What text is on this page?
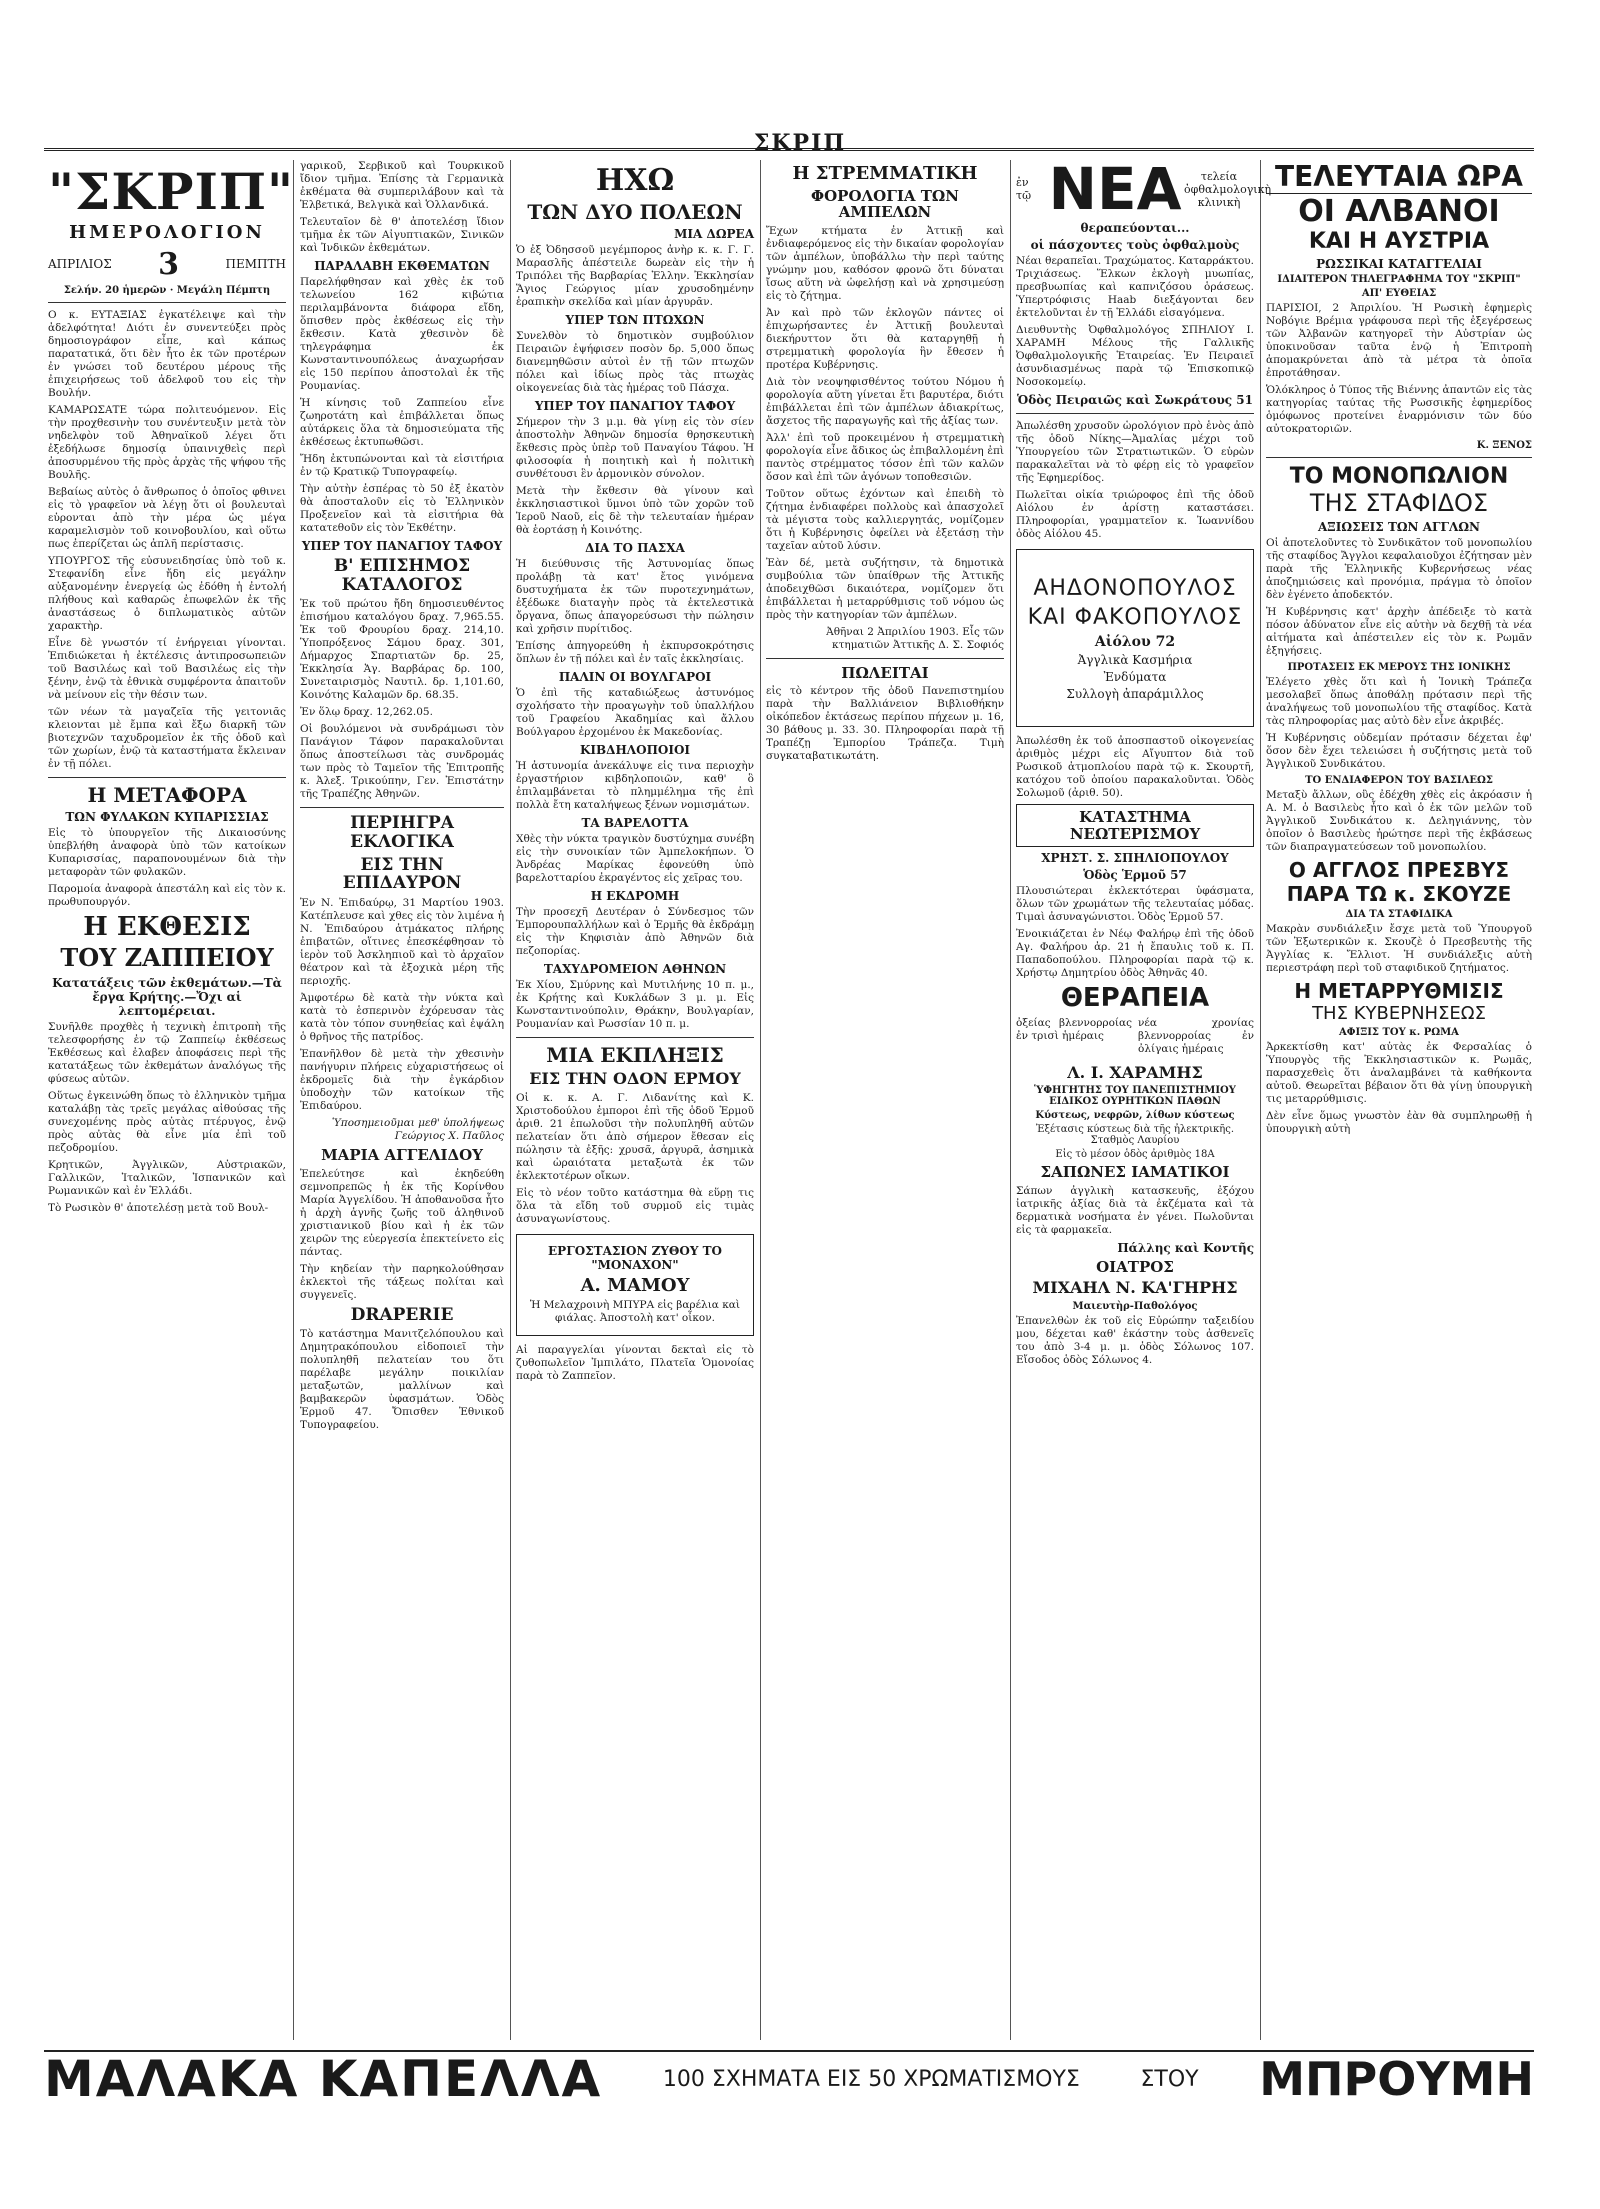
ΣΚΡΙΠ
"ΣΚΡΙΠ"
ΗΜΕΡΟΛΟΓΙΟΝ
ΑΠΡΙΛΙΟΣ 3	ΠΕΜΠΤΗ
Σελήν. 20 ἡμερῶν · Μεγάλη Πέμπτη

Ο κ. ΕΥΤΑΞΙΑΣ ἐγκατέλειψε καὶ τὴν ἀδελφότητα! Διότι ἐν συνεντεύξει πρὸς δημοσιογράφον εἶπε, καὶ κάπως παρατατικά, ὅτι δὲν ἦτο ἐκ τῶν προτέρων ἐν γνώσει τοῦ δευτέρου μέρους τῆς ἐπιχειρήσεως τοῦ ἀδελφοῦ του εἰς τὴν Βουλήν.

ΚΑΜΑΡΩΣΑΤΕ τώρα πολιτευόμενον. Εἰς τὴν προχθεσινὴν του συνέντευξιν μετὰ τὸν νηδελφὸν τοῦ Ἀθηναϊκοῦ λέγει ὅτι ἐξεδήλωσε δημοσίᾳ ὑπαινιχθεὶς περὶ ἀποσυρμένου τῆς πρὸς ἀρχὰς τῆς ψήφου τῆς Βουλῆς.

Βεβαίως αὐτὸς ὁ ἄνθρωπος ὁ ὁποῖος φθινει εἰς τὸ γραφεῖον νὰ λέγῃ ὅτι οἱ βουλευταὶ εὑρονται ἀπὸ τὴν μέρα ὡς μέγα καραμελισμὸν τοῦ κοινοβουλίου, καὶ οὕτω πως ἐπερίζεται ὡς ἀπλῆ περίστασις.

ΥΠΟΥΡΓΟΣ τῆς εὐσυνειδησίας ὑπὸ τοῦ κ. Στεφανίδη εἶνε ἤδη εἰς μεγάλην αὐξανομένην ἐνεργείᾳ ὡς ἐδόθη ἡ ἐντολή πλήθους καὶ καθαρῶς ἐπωφελῶν ἐκ τῆς ἀναστάσεως ὁ διπλωματικὸς αὐτῶν χαρακτὴρ.

Εἶνε δὲ γνωστόν τί ἐνήργειαι γίνονται. Ἐπιδιώκεται ἡ ἐκτέλεσις ἀντιπροσωπειῶν τοῦ Βασιλέως καὶ τοῦ Βασιλέως εἰς τὴν ξένην, ἐνῷ τὰ ἐθνικὰ συμφέροντα ἀπαιτοῦν νὰ μείνουν εἰς τὴν θέσιν των.

τῶν νέων τὰ μαγαζεῖα τῆς γειτονιᾶς κλειονται μὲ ἔμπα καὶ ἔξω διαρκῆ τῶν βιοτεχνῶν ταχυδρομεῖον ἐκ τῆς ὁδοῦ καὶ τῶν χωρίων, ἐνῷ τὰ καταστήματα ἔκλειναν ἐν τῇ πόλει.

Η ΜΕΤΑΦΟΡΑ
ΤΩΝ ΦΥΛΑΚΩΝ ΚΥΠΑΡΙΣΣΙΑΣ

Εἰς τὸ ὑπουργεῖον τῆς Δικαιοσύνης ὑπεβλήθη ἀναφορὰ ὑπὸ τῶν κατοίκων Κυπαρισσίας, παραπονουμένων διὰ τὴν μεταφορὰν τῶν φυλακῶν.

Παρομοία ἀναφορὰ ἀπεστάλη καὶ εἰς τὸν κ. πρωθυπουργόν.

Η ΕΚΘΕΣΙΣ
ΤΟΥ ΖΑΠΠΕΙΟΥ
Κατατάξεις τῶν ἐκθεμάτων.—Τὰ ἔργα Κρήτης.—Ὄχι αἱ λεπτομέρειαι.

Συνῆλθε προχθὲς ἡ τεχνικὴ ἐπιτροπὴ τῆς τελεσφορήσης ἐν τῷ Ζαππείῳ ἐκθέσεως Ἐκθέσεως καὶ ἐλαβεν ἀποφάσεις περὶ τῆς κατατάξεως τῶν ἐκθεμάτων ἀναλόγως τῆς φύσεως αὐτῶν.

Οὕτως ἐγκεινώθη ὅπως τὸ ἐλληνικὸν τμῆμα καταλάβῃ τὰς τρεῖς μεγάλας αἰθούσας τῆς συνεχομένης πρὸς αὐτὰς πτέρυγος, ἐνῷ πρὸς αὐτὰς θὰ εἶνε μία ἐπὶ τοῦ πεζοδρομίου.

Κρητικῶν, Ἀγγλικῶν, Αὐστριακῶν, Γαλλικῶν, Ἰταλικῶν, Ἰσπανικῶν καὶ Ρωμανικῶν καὶ ἐν Ἑλλάδι.

Τὸ Ρωσικὸν θ' ἀποτελέσῃ μετὰ τοῦ Βουλ-

γαρικοῦ, Σερβικοῦ καὶ Τουρκικοῦ ἴδιον τμῆμα. Ἐπίσης τὰ Γερμανικὰ ἐκθέματα θὰ συμπεριλάβουν καὶ τὰ Ἑλβετικά, Βελγικὰ καὶ Ὁλλανδικά.

Τελευταῖον δὲ θ' ἀποτελέσῃ ἴδιον τμῆμα ἐκ τῶν Αἰγυπτιακῶν, Σινικῶν καὶ Ἰνδικῶν ἐκθεμάτων.

ΠΑΡΑΛΑΒΗ ΕΚΘΕΜΑΤΩΝ

Παρελήφθησαν καὶ χθὲς ἐκ τοῦ τελωνείου 162 κιβώτια περιλαμβάνοντα διάφορα εἴδη, ὅπισθεν πρὸς ἐκθέσεως εἰς τὴν ἔκθεσιν. Κατὰ χθεσινὸν δὲ τηλεγράφημα ἐκ Κωνσταντινουπόλεως ἀναχωρήσαν εἰς 150 περίπου ἀποστολαὶ ἐκ τῆς Ρουμανίας.

Ἡ κίνησις τοῦ Ζαππείου εἶνε ζωηροτάτη καὶ ἐπιβάλλεται ὅπως αὐτάρκεις ὅλα τὰ δημοσιεύματα τῆς ἐκθέσεως ἐκτυπωθῶσι.

Ἤδη ἐκτυπώνονται καὶ τὰ εἰσιτήρια ἐν τῷ Κρατικῷ Τυπογραφείῳ.

Τὴν αὐτὴν ἑσπέρας τὸ 50 ἐξ ἑκατὸν θὰ ἀποσταλοῦν εἰς τὸ Ἐλληνικὸν Προξενεῖον καὶ τὰ εἰσιτήρια θὰ κατατεθοῦν εἰς τὸν Ἐκθέτην.

ΥΠΕΡ ΤΟΥ ΠΑΝΑΓΙΟΥ ΤΑΦΟΥ
Β' ΕΠΙΣΗΜΟΣ ΚΑΤΑΛΟΓΟΣ

Ἐκ τοῦ πρώτου ἤδη δημοσιευθέντος ἐπισήμου καταλόγου δραχ. 7,965.55. Ἐκ τοῦ Φρουρίου δραχ. 214,10. Ὑποπρόξενος Σάμου δραχ. 301, Δήμαρχος Σπαρτιατῶν δρ. 25, Ἐκκλησία Ἁγ. Βαρβάρας δρ. 100, Συνεταιρισμὸς Ναυτιλ. δρ. 1,101.60, Κοινότης Καλαμῶν δρ. 68.35.

Ἐν ὅλῳ δραχ. 12,262.05.

Οἱ βουλόμενοι νὰ συνδράμωσι τὸν Πανάγιον Τάφον παρακαλοῦνται ὅπως ἀποστείλωσι τὰς συνδρομάς των πρὸς τὸ Ταμεῖον τῆς Ἐπιτροπῆς κ. Ἀλεξ. Τρικούπην, Γεν. Ἐπιστάτην τῆς Τραπέζης Ἀθηνῶν.

ΠΕΡΙΗΓΡΑ ΕΚΛΟΓΙΚΑ
ΕΙΣ ΤΗΝ ΕΠΙΔΑΥΡΟΝ

Ἐν Ν. Ἐπιδαύρῳ, 31 Μαρτίου 1903. Κατέπλευσε καὶ χθες εἰς τὸν λιμένα ἡ Ν. Ἐπιδαύρου ἀτμάκατος πλήρης ἐπιβατῶν, οἵτινες ἐπεσκέφθησαν τὸ ἱερὸν τοῦ Ἀσκληπιοῦ καὶ τὸ ἀρχαῖον θέατρον καὶ τὰ ἐξοχικὰ μέρη τῆς περιοχῆς.

Ἀμφοτέρω δὲ κατὰ τὴν νύκτα καὶ κατὰ τὸ ἑσπερινὸν ἐχόρευσαν τὰς κατὰ τὸν τόπον συνηθείας καὶ ἐψάλη ὁ θρῆνος τῆς πατρίδος.

Ἐπανῆλθον δὲ μετὰ τὴν χθεσινὴν πανήγυριν πλήρεις εὐχαριστήσεως οἱ ἐκδρομεῖς διὰ τὴν ἐγκάρδιον ὑποδοχὴν τῶν κατοίκων τῆς Ἐπιδαύρου.

Ὑποσημειοῦμαι μεθ' ὑπολήψεως Γεώργιος Χ. Παῦλος

ΜΑΡΙΑ ΑΓΓΕΛΙΔΟΥ

Ἐπελεύτησε καὶ ἐκηδεύθη σεμνοπρεπῶς ἡ ἐκ τῆς Κορίνθου Μαρία Ἀγγελίδου. Ἡ ἀποθανοῦσα ἦτο ἡ ἀρχὴ ἁγνῆς ζωῆς τοῦ ἀληθινοῦ χριστιανικοῦ βίου καὶ ἡ ἐκ τῶν χειρῶν της εὐεργεσία ἐπεκτείνετο εἰς πάντας.

Τὴν κηδείαν τὴν παρηκολούθησαν ἐκλεκτοὶ τῆς τάξεως πολίται καὶ συγγενεῖς.

DRAPERIE

Τὸ κατάστημα Μανιτζελόπουλου καὶ Δημητρακόπουλου εἰδοποιεῖ τὴν πολυπληθῆ πελατείαν του ὅτι παρέλαβε μεγάλην ποικιλίαν μεταξωτῶν, μαλλίνων καὶ βαμβακερῶν ὑφασμάτων. Ὁδὸς Ἑρμοῦ 47. Ὄπισθεν Ἐθνικοῦ Τυπογραφείου.

ΗΧΩ
ΤΩΝ ΔΥΟ ΠΟΛΕΩΝ
ΜΙΑ ΔΩΡΕΑ

Ὁ ἐξ Ὀδησσοῦ μεγέμπορος ἀνὴρ κ. κ. Γ. Γ. Μαρασλῆς ἀπέστειλε δωρεὰν εἰς τὴν ἡ Τριπόλει τῆς Βαρβαρίας Ἑλλην. Ἐκκλησίαν Ἅγιος Γεώργιος μίαν χρυσοδημένην ἑραπικὴν σκελίδα καὶ μίαν ἀργυρᾶν.

ΥΠΕΡ ΤΩΝ ΠΤΩΧΩΝ

Συνελθὸν τὸ δημοτικὸν συμβούλιον Πειραιῶν ἐψήφισεν ποσὸν δρ. 5,000 ὅπως διανεμηθῶσιν αὐτοὶ ἐν τῇ τῶν πτωχῶν πόλει καὶ ἰδίως πρὸς τὰς πτωχὰς οἰκογενείας διὰ τὰς ἡμέρας τοῦ Πάσχα.

ΥΠΕΡ ΤΟΥ ΠΑΝΑΓΙΟΥ ΤΑΦΟΥ

Σήμερον τὴν 3 μ.μ. θὰ γίνῃ εἰς τὸν σίεν ἀποστολὴν Ἀθηνῶν δημοσία θρησκευτικὴ ἔκθεσις πρὸς ὑπὲρ τοῦ Παναγίου Τάφου. Ἡ φιλοσοφία ἡ ποιητικὴ καὶ ἡ πολιτικὴ συνθέτουσι ἓν ἀρμονικὸν σύνολον.

Μετὰ τὴν ἔκθεσιν θὰ γίνουν καὶ ἐκκλησιαστικοὶ ὕμνοι ὑπὸ τῶν χορῶν τοῦ Ἱεροῦ Ναοῦ, εἰς δὲ τὴν τελευταίαν ἡμέραν θὰ ἑορτάσῃ ἡ Κοινότης.

ΔΙΑ ΤΟ ΠΑΣΧΑ

Ἡ διεύθυνσις τῆς Ἀστυνομίας ὅπως προλάβῃ τὰ κατ' ἔτος γινόμενα δυστυχήματα ἐκ τῶν πυροτεχνημάτων, ἐξέδωκε διαταγὴν πρὸς τὰ ἐκτελεστικὰ ὄργανα, ὅπως ἀπαγορεύσωσι τὴν πώλησιν καὶ χρῆσιν πυρίτιδος.

Ἐπίσης ἀπηγορεύθη ἡ ἐκπυρσοκρότησις ὅπλων ἐν τῇ πόλει καὶ ἐν ταῖς ἐκκλησίαις.

ΠΑΛΙΝ ΟΙ ΒΟΥΛΓΑΡΟΙ

Ὁ ἐπὶ τῆς καταδιώξεως ἀστυνόμος σχολήσατο τὴν προαγωγὴν τοῦ ὑπαλλήλου τοῦ Γραφείου Ἀκαδημίας καὶ ἄλλου Βούλγαρου ἐρχομένου ἐκ Μακεδονίας.

ΚΙΒΔΗΛΟΠΟΙΟΙ

Ἡ ἀστυνομία ἀνεκάλυψε εἰς τινα περιοχὴν ἐργαστήριον κιβδηλοποιῶν, καθ' ὃ ἐπιλαμβάνεται τὸ πλημμέλημα τῆς ἐπὶ πολλὰ ἔτη καταλήψεως ξένων νομισμάτων.

ΤΑ ΒΑΡΕΛΟΤΤΑ

Χθὲς τὴν νύκτα τραγικὸν δυστύχημα συνέβη εἰς τὴν συνοικίαν τῶν Ἀμπελοκήπων. Ὁ Ἀνδρέας Μαρίκας ἐφονεύθη ὑπὸ βαρελοτταρίου ἐκραγέντος εἰς χεῖρας του.

Η ΕΚΔΡΟΜΗ

Τὴν προσεχῆ Δευτέραν ὁ Σύνδεσμος τῶν Ἐμπορουπαλλήλων καὶ ὁ Ἑρμῆς θὰ ἐκδράμῃ εἰς τὴν Κηφισιὰν ἀπὸ Ἀθηνῶν διὰ πεζοπορίας.

ΤΑΧΥΔΡΟΜΕΙΟΝ ΑΘΗΝΩΝ

Ἐκ Χίου, Σμύρνης καὶ Μυτιλήνης 10 π. μ., ἐκ Κρήτης καὶ Κυκλάδων 3 μ. μ. Εἰς Κωνσταντινούπολιν, Θράκην, Βουλγαρίαν, Ρουμανίαν καὶ Ρωσσίαν 10 π. μ.

ΜΙΑ ΕΚΠΛΗΞΙΣ
ΕΙΣ ΤΗΝ ΟΔΟΝ ΕΡΜΟΥ

Οἱ κ. κ. Α. Γ. Λιδανίτης καὶ Κ. Χριστοδούλου ἐμποροι ἐπὶ τῆς ὁδοῦ Ἑρμοῦ ἀριθ. 21 ἐπωλοῦσι τὴν πολυπληθῆ αὐτῶν πελατείαν ὅτι ἀπὸ σήμερον ἔθεσαν εἰς πώλησιν τὰ ἐξῆς: χρυσᾶ, ἀργυρᾶ, ἀσημικὰ καὶ ὡραιότατα μεταξωτὰ ἐκ τῶν ἐκλεκτοτέρων οἴκων.

Εἰς τὸ νέον τοῦτο κατάστημα θὰ εὕρῃ τις ὅλα τὰ εἴδη τοῦ συρμοῦ εἰς τιμὰς ἀσυναγωνίστους.

ΕΡΓΟΣΤΑΣΙΟΝ ΖΥΘΟΥ ΤΟ "ΜΟΝΑΧΟΝ"
Α. ΜΑΜΟΥ

Ἡ Μελαχροινὴ ΜΠΥΡΑ εἰς βαρέλια καὶ φιάλας. Ἀποστολὴ κατ' οἶκον.

Αἱ παραγγελίαι γίνονται δεκταὶ εἰς τὸ ζυθοπωλεῖον Ἰμπιλάτο, Πλατεῖα Ὁμονοίας παρὰ τὸ Ζαππεῖον.

Η ΣΤΡΕΜΜΑΤΙΚΗ
ΦΟΡΟΛΟΓΙΑ ΤΩΝ ΑΜΠΕΛΩΝ

Ἔχων κτήματα ἐν Ἀττικῇ καὶ ἐνδιαφερόμενος εἰς τὴν δικαίαν φορολογίαν τῶν ἀμπέλων, ὑποβάλλω τὴν περὶ ταύτης γνώμην μου, καθόσον φρονῶ ὅτι δύναται ἴσως αὕτη νὰ ὠφελήσῃ καὶ νὰ χρησιμεύσῃ εἰς τὸ ζήτημα.

Ἀν καὶ πρὸ τῶν ἐκλογῶν πάντες οἱ ἐπιχωρήσαντες ἐν Ἀττικῇ βουλευταὶ διεκήρυττον ὅτι θὰ καταργηθῇ ἡ στρεμματικὴ φορολογία ἣν ἔθεσεν ἡ προτέρα Κυβέρνησις.

Διὰ τὸν νεοψηφισθέντος τούτου Νόμου ἡ φορολογία αὕτη γίνεται ἔτι βαρυτέρα, διότι ἐπιβάλλεται ἐπὶ τῶν ἀμπέλων ἀδιακρίτως, ἄσχετος τῆς παραγωγῆς καὶ τῆς ἀξίας των.

Ἀλλ' ἐπὶ τοῦ προκειμένου ἡ στρεμματικὴ φορολογία εἶνε ἄδικος ὡς ἐπιβαλλομένη ἐπὶ παντὸς στρέμματος τόσον ἐπὶ τῶν καλῶν ὅσον καὶ ἐπὶ τῶν ἀγόνων τοποθεσιῶν.

Τοῦτον οὕτως ἐχόντων καὶ ἐπειδὴ τὸ ζήτημα ἐνδιαφέρει πολλοὺς καὶ ἀπασχολεῖ τὰ μέγιστα τοὺς καλλιεργητάς, νομίζομεν ὅτι ἡ Κυβέρνησις ὀφείλει νὰ ἐξετάσῃ τὴν ταχεῖαν αὐτοῦ λύσιν.

Ἐὰν δέ, μετὰ συζήτησιν, τὰ δημοτικὰ συμβούλια τῶν ὑπαίθρων τῆς Ἀττικῆς ἀποδειχθῶσι δικαιότερα, νομίζομεν ὅτι ἐπιβάλλεται ἡ μεταρρύθμισις τοῦ νόμου ὡς πρὸς τὴν κατηγορίαν τῶν ἀμπέλων.

Ἀθῆναι 2 Ἀπριλίου 1903. Εἷς τῶν κτηματιῶν Ἀττικῆς Δ. Σ. Σοφιός

ΠΩΛΕΙΤΑΙ

εἰς τὸ κέντρον τῆς ὁδοῦ Πανεπιστημίου παρὰ τὴν Βαλλιάνειον Βιβλιοθήκην οἰκόπεδον ἐκτάσεως περίπου πήχεων μ. 16, 30 βάθους μ. 33. 30. Πληροφορίαι παρὰ τῇ Τραπέζῃ Ἐμπορίου Τράπεζα. Τιμὴ συγκαταβατικωτάτη.

ἐν τῷ ΝΕΑ	τελεία ὀφθαλμολογικὴ κλινικὴ
θεραπεύονται...
οἱ πάσχοντες τοὺς ὀφθαλμοὺς

Νέαι θεραπεῖαι. Τραχώματος. Καταρράκτου. Τριχιάσεως. Ἕλκων ἐκλογὴ μυωπίας, πρεσβυωπίας καὶ καπνιζόσου ὁράσεως. Ὑπερτρόφισις Haab διεξάγονται δεν ἐκτελοῦνται ἐν τῇ Ἑλλάδι εἰσαγόμενα.

Διευθυντὴς Ὀφθαλμολόγος ΣΠΗΛΙΟΥ Ι. ΧΑΡΑΜΗ Μέλους τῆς Γαλλικῆς Ὀφθαλμολογικῆς Ἑταιρείας. Ἐν Πειραιεῖ ἀσυνδιασμένως παρὰ τῷ Ἐπισκοπικῷ Νοσοκομείῳ.

Ὁδὸς Πειραιῶς καὶ Σωκράτους 51

Ἀπωλέσθη χρυσοῦν ὡρολόγιον πρὸ ἑνὸς ἀπὸ τῆς ὁδοῦ Νίκης—Ἀμαλίας μέχρι τοῦ Ὑπουργείου τῶν Στρατιωτικῶν. Ὁ εὑρὼν παρακαλεῖται νὰ τὸ φέρῃ εἰς τὸ γραφεῖον τῆς Ἐφημερίδος.

Πωλεῖται οἰκία τριώροφος ἐπὶ τῆς ὁδοῦ Αἰόλου ἐν ἀρίστῃ καταστάσει. Πληροφορίαι, γραμματεῖον κ. Ἰωαννίδου ὁδὸς Αἰόλου 45.

ΑΗΔΟΝΟΠΟΥΛΟΣ
ΚΑΙ ΦΑΚΟΠΟΥΛΟΣ
Αἰόλου 72
Ἀγγλικὰ Κασμήρια
Ἐνδύματα
Συλλογὴ ἀπαράμιλλος

Ἀπωλέσθη ἐκ τοῦ ἀποσπαστοῦ οἰκογενείας ἀριθμὸς μέχρι εἰς Αἴγυπτον διὰ τοῦ Ρωσικοῦ ἀτμοπλοίου παρὰ τῷ κ. Σκουρτῆ, κατόχου τοῦ ὁποίου παρακαλοῦνται. Ὁδὸς Σολωμοῦ (ἀριθ. 50).

ΚΑΤΑΣΤΗΜΑ ΝΕΩΤΕΡΙΣΜΟΥ
ΧΡΗΣΤ. Σ. ΣΠΗΛΙΟΠΟΥΛΟΥ
Ὁδὸς Ἑρμοῦ 57

Πλουσιώτεραι ἐκλεκτότεραι ὑφάσματα, ὅλων τῶν χρωμάτων τῆς τελευταίας μόδας. Τιμαὶ ἀσυναγώνιστοι. Ὁδὸς Ἑρμοῦ 57.

Ἐνοικιάζεται ἐν Νέῳ Φαλήρῳ ἐπὶ τῆς ὁδοῦ Αγ. Φαλήρου ἀρ. 21 ἡ ἔπαυλις τοῦ κ. Π. Παπαδοπούλου. Πληροφορίαι παρὰ τῷ κ. Χρήστῳ Δημητρίου ὁδὸς Ἀθηνᾶς 40.

ΘΕΡΑΠΕΙΑ

ὀξείας βλεννορροίας ἐν τρισὶ ἡμέραις

νέα χρονίας βλεννορροίας ἐν ὀλίγαις ἡμέραις

Λ. Ι. ΧΑΡΑΜΗΣ
ὙΦΗΓΗΤΗΣ ΤΟΥ ΠΑΝΕΠΙΣΤΗΜΙΟΥ ΕΙΔΙΚΟΣ ΟΥΡΗΤΙΚΩΝ ΠΑΘΩΝ
Κύστεως, νεφρῶν, λίθων κύστεως
Ἐξέτασις κύστεως διὰ τῆς ἠλεκτρικῆς. Σταθμὸς Λαυρίου
Εἰς τὸ μέσον ὁδὸς ἀριθμὸς 18Α
ΣΑΠΩΝΕΣ ΙΑΜΑΤΙΚΟΙ

Σάπων ἀγγλικὴ κατασκευῆς, ἐξόχου ἰατρικῆς ἀξίας διὰ τὰ ἐκζέματα καὶ τὰ δερματικὰ νοσήματα ἐν γένει. Πωλοῦνται εἰς τὰ φαρμακεῖα.

Πάλλης καὶ Κοντῆς
ΟΙΑΤΡΟΣ
ΜΙΧΑΗΛ Ν. ΚΑ'ΓΗΡΗΣ
Μαιευτὴρ-Παθολόγος

Ἐπανελθὼν ἐκ τοῦ εἰς Εὐρώπην ταξειδίου μου, δέχεται καθ' ἑκάστην τοὺς ἀσθενεῖς του ἀπὸ 3-4 μ. μ. ὁδὸς Σόλωνος 107. Εἴσοδος ὁδὸς Σόλωνος 4.

ΤΕΛΕΥΤΑΙΑ ΩΡΑ
ΟΙ ΑΛΒΑΝΟΙ
ΚΑΙ Η ΑΥΣΤΡΙΑ
ΡΩΣΣΙΚΑΙ ΚΑΤΑΓΓΕΛΙΑΙ
ΙΔΙΑΙΤΕΡΟΝ ΤΗΛΕΓΡΑΦΗΜΑ ΤΟΥ "ΣΚΡΙΠ"
ΑΠ' ΕΥΘΕΙΑΣ

ΠΑΡΙΣΙΟΙ, 2 Ἀπριλίου. Ἡ Ρωσικὴ ἐφημερὶς Νοβόγιε Βρέμια γράφουσα περὶ τῆς ἐξεγέρσεως τῶν Ἀλβανῶν κατηγορεῖ τὴν Αὐστρίαν ὡς ὑποκινοῦσαν ταῦτα ἐνῷ ἡ Ἐπιτροπὴ ἀπομακρύνεται ἀπὸ τὰ μέτρα τὰ ὁποῖα ἐπροτάθησαν.

Ὁλόκληρος ὁ Τύπος τῆς Βιέννης ἀπαντῶν εἰς τὰς κατηγορίας ταύτας τῆς Ρωσσικῆς ἐφημερίδος ὁμόφωνος προτείνει ἐναρμόνισιν τῶν δύο αὐτοκρατοριῶν.

Κ. ΞΕΝΟΣ
ΤΟ ΜΟΝΟΠΩΛΙΟΝ
ΤΗΣ ΣΤΑΦΙΔΟΣ
ΑΞΙΩΣΕΙΣ ΤΩΝ ΑΓΓΛΩΝ

Οἱ ἀποτελοῦντες τὸ Συνδικᾶτον τοῦ μονοπωλίου τῆς σταφίδος Ἄγγλοι κεφαλαιοῦχοι ἐζήτησαν μὲν παρὰ τῆς Ἑλληνικῆς Κυβερνήσεως νέας ἀποζημιώσεις καὶ προνόμια, πράγμα τὸ ὁποῖον δὲν ἐγένετο ἀποδεκτόν.

Ἡ Κυβέρνησις κατ' ἀρχὴν ἀπέδειξε τὸ κατὰ πόσον ἀδύνατον εἶνε εἰς αὐτὴν νὰ δεχθῇ τὰ νέα αἰτήματα καὶ ἀπέστειλεν εἰς τὸν κ. Ρωμᾶν ἐξηγήσεις.

ΠΡΟΤΑΣΕΙΣ ΕΚ ΜΕΡΟΥΣ ΤΗΣ ΙΟΝΙΚΗΣ

Ἐλέγετο χθὲς ὅτι καὶ ἡ Ἰονικὴ Τράπεζα μεσολαβεῖ ὅπως ἀποθάλῃ πρότασιν περὶ τῆς ἀναλήψεως τοῦ μονοπωλίου τῆς σταφίδος. Κατὰ τὰς πληροφορίας μας αὐτὸ δὲν εἶνε ἀκριβές.

Ἡ Κυβέρνησις οὐδεμίαν πρότασιν δέχεται ἐφ' ὅσον δὲν ἔχει τελειώσει ἡ συζήτησις μετὰ τοῦ Ἀγγλικοῦ Συνδικάτου.

ΤΟ ΕΝΔΙΑΦΕΡΟΝ ΤΟΥ ΒΑΣΙΛΕΩΣ

Μεταξὺ ἄλλων, οὓς ἐδέχθη χθὲς εἰς ἀκρόασιν ἡ Α. Μ. ὁ Βασιλεὺς ἦτο καὶ ὁ ἐκ τῶν μελῶν τοῦ Ἀγγλικοῦ Συνδικάτου κ. Δεληγιάννης, τὸν ὁποῖον ὁ Βασιλεὺς ἠρώτησε περὶ τῆς ἐκβάσεως τῶν διαπραγματεύσεων τοῦ μονοπωλίου.

Ο ΑΓΓΛΟΣ ΠΡΕΣΒΥΣ
ΠΑΡΑ ΤΩ κ. ΣΚΟΥΖΕ
ΔΙΑ ΤΑ ΣΤΑΦΙΔΙΚΑ

Μακρὰν συνδιάλεξιν ἔσχε μετὰ τοῦ Ὑπουργοῦ τῶν Ἐξωτερικῶν κ. Σκουζὲ ὁ Πρεσβευτὴς τῆς Ἀγγλίας κ. Ἔλλιοτ. Ἡ συνδιάλεξις αὐτὴ περιεστράφη περὶ τοῦ σταφιδικοῦ ζητήματος.

Η ΜΕΤΑΡΡΥΘΜΙΣΙΣ
ΤΗΣ ΚΥΒΕΡΝΗΣΕΩΣ
ΑΦΙΞΙΣ ΤΟΥ κ. ΡΩΜΑ

Ἀρκεκτίσθη κατ' αὐτὰς ἐκ Φερσαλίας ὁ Ὑπουργὸς τῆς Ἐκκλησιαστικῶν κ. Ρωμᾶς, παρασχεθεὶς ὅτι ἀναλαμβάνει τὰ καθήκοντα αὐτοῦ. Θεωρεῖται βέβαιον ὅτι θὰ γίνῃ ὑπουργικὴ τις μεταρρύθμισις.

Δὲν εἶνε ὅμως γνωστὸν ἐὰν θὰ συμπληρωθῇ ἡ ὑπουργικὴ αὐτὴ

ΜΑΛΑΚΑ ΚΑΠΕΛΛΑ	100 ΣΧΗΜΑΤΑ ΕΙΣ 50 ΧΡΩΜΑΤΙΣΜΟΥΣ	ΣΤΟΥ ΜΠΡΟΥΜΗ
